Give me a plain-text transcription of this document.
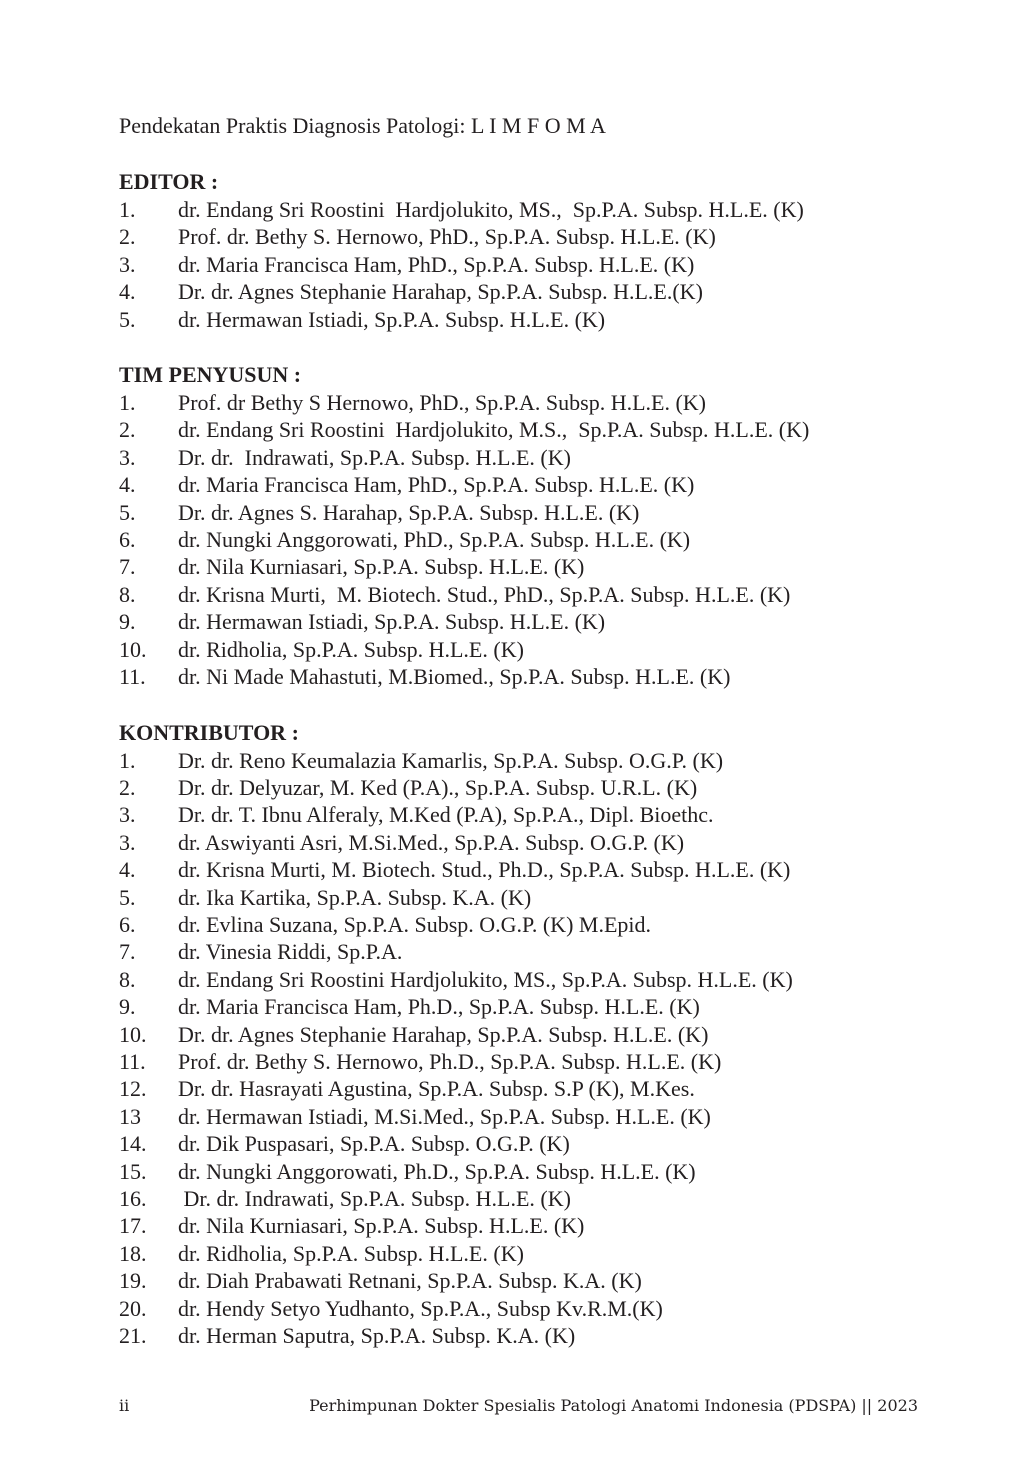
Pendekatan Praktis Diagnosis Patologi: L I M F O M A

EDITOR :
1.	dr. Endang Sri Roostini  Hardjolukito, MS.,  Sp.P.A. Subsp. H.L.E. (K)
2.	Prof. dr. Bethy S. Hernowo, PhD., Sp.P.A. Subsp. H.L.E. (K)
3.	dr. Maria Francisca Ham, PhD., Sp.P.A. Subsp. H.L.E. (K)
4.	Dr. dr. Agnes Stephanie Harahap, Sp.P.A. Subsp. H.L.E.(K)
5.	dr. Hermawan Istiadi, Sp.P.A. Subsp. H.L.E. (K)
TIM PENYUSUN :
1.	Prof. dr Bethy S Hernowo, PhD., Sp.P.A. Subsp. H.L.E. (K)
2.	dr. Endang Sri Roostini  Hardjolukito, M.S.,  Sp.P.A. Subsp. H.L.E. (K)
3.	Dr. dr.  Indrawati, Sp.P.A. Subsp. H.L.E. (K)
4.	dr. Maria Francisca Ham, PhD., Sp.P.A. Subsp. H.L.E. (K)
5.	Dr. dr. Agnes S. Harahap, Sp.P.A. Subsp. H.L.E. (K)
6.	dr. Nungki Anggorowati, PhD., Sp.P.A. Subsp. H.L.E. (K)
7.	dr. Nila Kurniasari, Sp.P.A. Subsp. H.L.E. (K)
8.	dr. Krisna Murti,  M. Biotech. Stud., PhD., Sp.P.A. Subsp. H.L.E. (K)
9.	dr. Hermawan Istiadi, Sp.P.A. Subsp. H.L.E. (K)
10.	dr. Ridholia, Sp.P.A. Subsp. H.L.E. (K)
11.	dr. Ni Made Mahastuti, M.Biomed., Sp.P.A. Subsp. H.L.E. (K)
KONTRIBUTOR :
1.	Dr. dr. Reno Keumalazia Kamarlis, Sp.P.A. Subsp. O.G.P. (K)
2.	Dr. dr. Delyuzar, M. Ked (P.A)., Sp.P.A. Subsp. U.R.L. (K)
3.	Dr. dr. T. Ibnu Alferaly, M.Ked (P.A), Sp.P.A., Dipl. Bioethc.
3.	dr. Aswiyanti Asri, M.Si.Med., Sp.P.A. Subsp. O.G.P. (K)
4.	dr. Krisna Murti, M. Biotech. Stud., Ph.D., Sp.P.A. Subsp. H.L.E. (K)
5.	dr. Ika Kartika, Sp.P.A. Subsp. K.A. (K)
6.	dr. Evlina Suzana, Sp.P.A. Subsp. O.G.P. (K) M.Epid.
7.	dr. Vinesia Riddi, Sp.P.A.
8.	dr. Endang Sri Roostini Hardjolukito, MS., Sp.P.A. Subsp. H.L.E. (K)
9.	dr. Maria Francisca Ham, Ph.D., Sp.P.A. Subsp. H.L.E. (K)
10.	Dr. dr. Agnes Stephanie Harahap, Sp.P.A. Subsp. H.L.E. (K)
11.	Prof. dr. Bethy S. Hernowo, Ph.D., Sp.P.A. Subsp. H.L.E. (K)
12.	Dr. dr. Hasrayati Agustina, Sp.P.A. Subsp. S.P (K), M.Kes.
13	dr. Hermawan Istiadi, M.Si.Med., Sp.P.A. Subsp. H.L.E. (K)
14.	dr. Dik Puspasari, Sp.P.A. Subsp. O.G.P. (K)
15.	dr. Nungki Anggorowati, Ph.D., Sp.P.A. Subsp. H.L.E. (K)
16.	Dr. dr. Indrawati, Sp.P.A. Subsp. H.L.E. (K)
17.	dr. Nila Kurniasari, Sp.P.A. Subsp. H.L.E. (K)
18.	dr. Ridholia, Sp.P.A. Subsp. H.L.E. (K)
19.	dr. Diah Prabawati Retnani, Sp.P.A. Subsp. K.A. (K)
20.	dr. Hendy Setyo Yudhanto, Sp.P.A., Subsp Kv.R.M.(K)
21.	dr. Herman Saputra, Sp.P.A. Subsp. K.A. (K)
ii	Perhimpunan Dokter Spesialis Patologi Anatomi Indonesia (PDSPA) || 2023
